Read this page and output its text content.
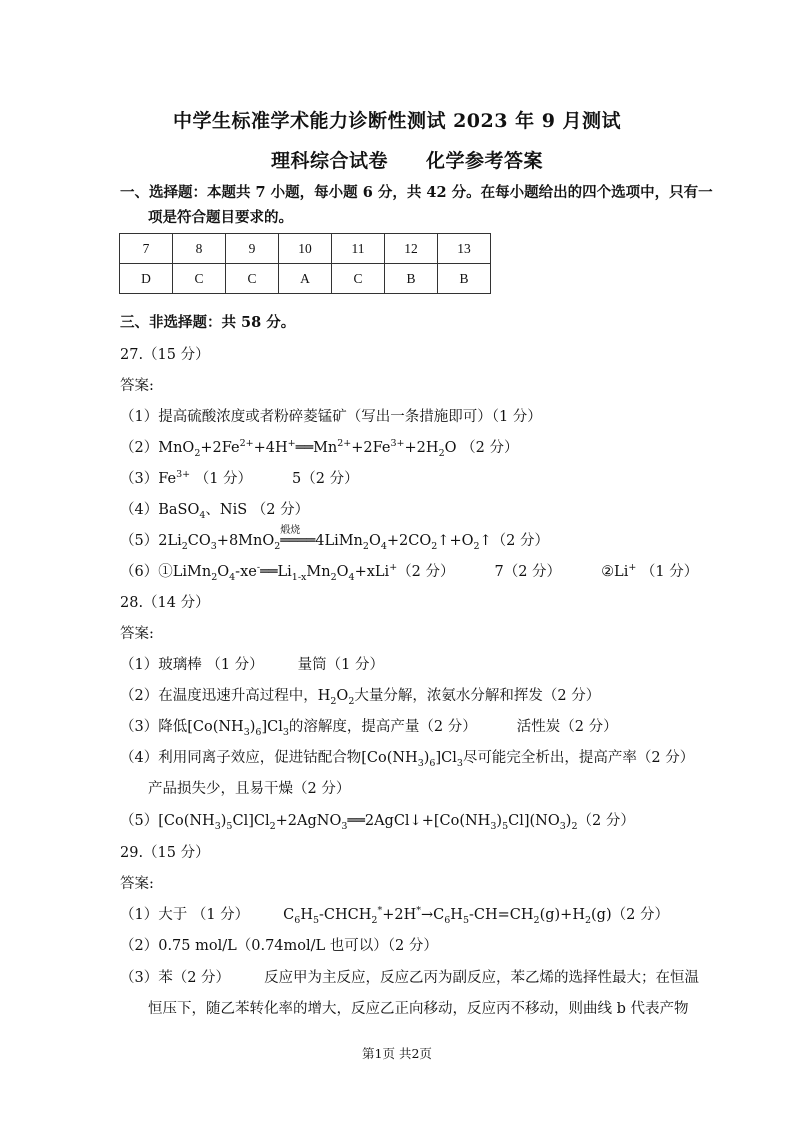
中学生标准学术能力诊断性测试 2023 年 9 月测试
理科综合试卷 化学参考答案
一、选择题：本题共 7 小题，每小题 6 分，共 42 分。在每小题给出的四个选项中，只有一
项是符合题目要求的。
7	8	9	10	11	12	13
D	C	C	A	C	B	B
三、非选择题：共 58 分。
27.（15 分）
答案:
（1）提高硫酸浓度或者粉碎菱锰矿（写出一条措施即可）（1 分）
$(2)MnO_2+2Fe^{2+}+4H^+══Mn^{2+}+2Fe^{3+}+2H_2O$ （2 分）
$(3)Fe^{3+}$ （1 分）	5（2 分）
（4）BaSO$_4$、NiS （2 分）
$(5)2Li_2CO_3+8MnO_2$
煅烧
$════4LiMn_2O_4+2CO_2↑+O_2↑(2$ 分）
$(6)①LiMn_2O_4-xe^-══Li_{1-x}Mn_2O_4+xLi^+(2$ 分）	7（2 分）	②Li+ （1 分）
28.（14 分）
答案:
（1）玻璃棒 （1 分） 量筒（1 分）
（2）在温度迅速升高过程中，$H_2O_2$大量分解，浓氨水分解和挥发（2 分）
（3）降低$[Co(NH_3)_6]Cl_3$的溶解度，提高产量（2 分）	活性炭（2 分）
（4）利用同离子效应，促进钴配合物$[Co(NH_3)_6]Cl_3$尽可能完全析出，提高产率（2 分）
产品损失少，且易干燥（2 分）
$(5)[Co(NH_3)_5Cl]Cl_2+2AgNO_3══2AgCl↓+[Co(NH_3)_5Cl](NO_3)_2(2$ 分）
29.（15 分）
答案:
（1）大于 （1 分） $C_6H_5-CHCH_2^*+2H^*\to C_6H_5-CH=CH_2(g)+H_2(g)(2$ 分）
（2）0.75 mol/L（0.74mol/L 也可以）（2 分）
（3）苯（2 分） 反应甲为主反应，反应乙丙为副反应，苯乙烯的选择性最大；在恒温
恒压下，随乙苯转化率的增大，反应乙正向移动，反应丙不移动，则曲线 b 代表产物
第1页 共2页
